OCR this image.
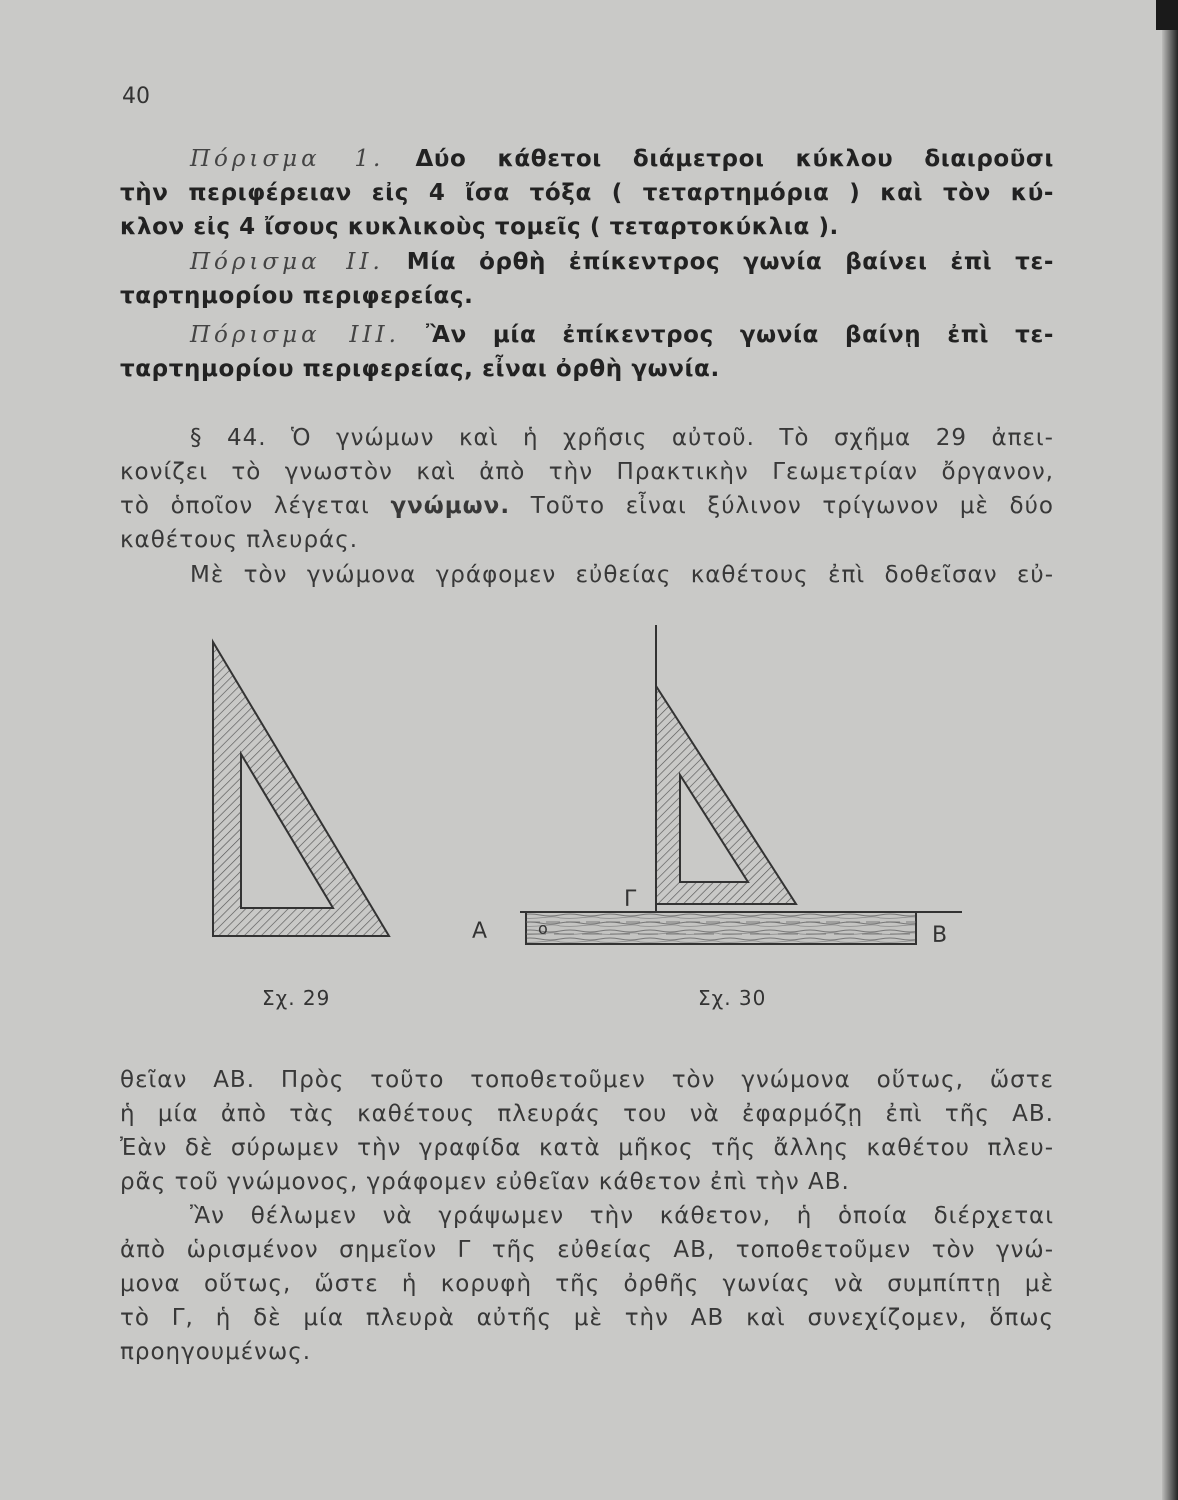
40
Πόρισμα 1. Δύο κάθετοι διάμετροι κύκλου διαιροῦσι
τὴν περιφέρειαν εἰς 4 ἴσα τόξα ( τεταρτημόρια ) καὶ τὸν κύ-
κλον εἰς 4 ἴσους κυκλικοὺς τομεῖς ( τεταρτοκύκλια ).
Πόρισμα ΙΙ. Μία ὀρθὴ ἐπίκεντρος γωνία βαίνει ἐπὶ τε-
ταρτημορίου περιφερείας.
Πόρισμα ΙΙΙ. Ἂν μία ἐπίκεντρος γωνία βαίνῃ ἐπὶ τε-
ταρτημορίου περιφερείας, εἶναι ὀρθὴ γωνία.
§ 44. Ὁ γνώμων καὶ ἡ χρῆσις αὐτοῦ. Τὸ σχῆμα 29 ἀπει-
κονίζει τὸ γνωστὸν καὶ ἀπὸ τὴν Πρακτικὴν Γεωμετρίαν ὄργανον,
τὸ ὁποῖον λέγεται γνώμων. Τοῦτο εἶναι ξύλινον τρίγωνον μὲ δύο
καθέτους πλευράς.
Μὲ τὸν γνώμονα γράφομεν εὐθείας καθέτους ἐπὶ δοθεῖσαν εὐ-
Α	Β
Γ
o
Σχ. 29	Σχ. 30
θεῖαν ΑΒ. Πρὸς τοῦτο τοποθετοῦμεν τὸν γνώμονα οὕτως, ὥστε
ἡ μία ἀπὸ τὰς καθέτους πλευράς του νὰ ἐφαρμόζῃ ἐπὶ τῆς ΑΒ.
Ἐὰν δὲ σύρωμεν τὴν γραφίδα κατὰ μῆκος τῆς ἄλλης καθέτου πλευ-
ρᾶς τοῦ γνώμονος, γράφομεν εὐθεῖαν κάθετον ἐπὶ τὴν ΑΒ.
Ἂν θέλωμεν νὰ γράψωμεν τὴν κάθετον, ἡ ὁποία διέρχεται
ἀπὸ ὡρισμένον σημεῖον Γ τῆς εὐθείας ΑΒ, τοποθετοῦμεν τὸν γνώ-
μονα οὕτως, ὥστε ἡ κορυφὴ τῆς ὀρθῆς γωνίας νὰ συμπίπτῃ μὲ
τὸ Γ, ἡ δὲ μία πλευρὰ αὐτῆς μὲ τὴν ΑΒ καὶ συνεχίζομεν, ὅπως
προηγουμένως.
